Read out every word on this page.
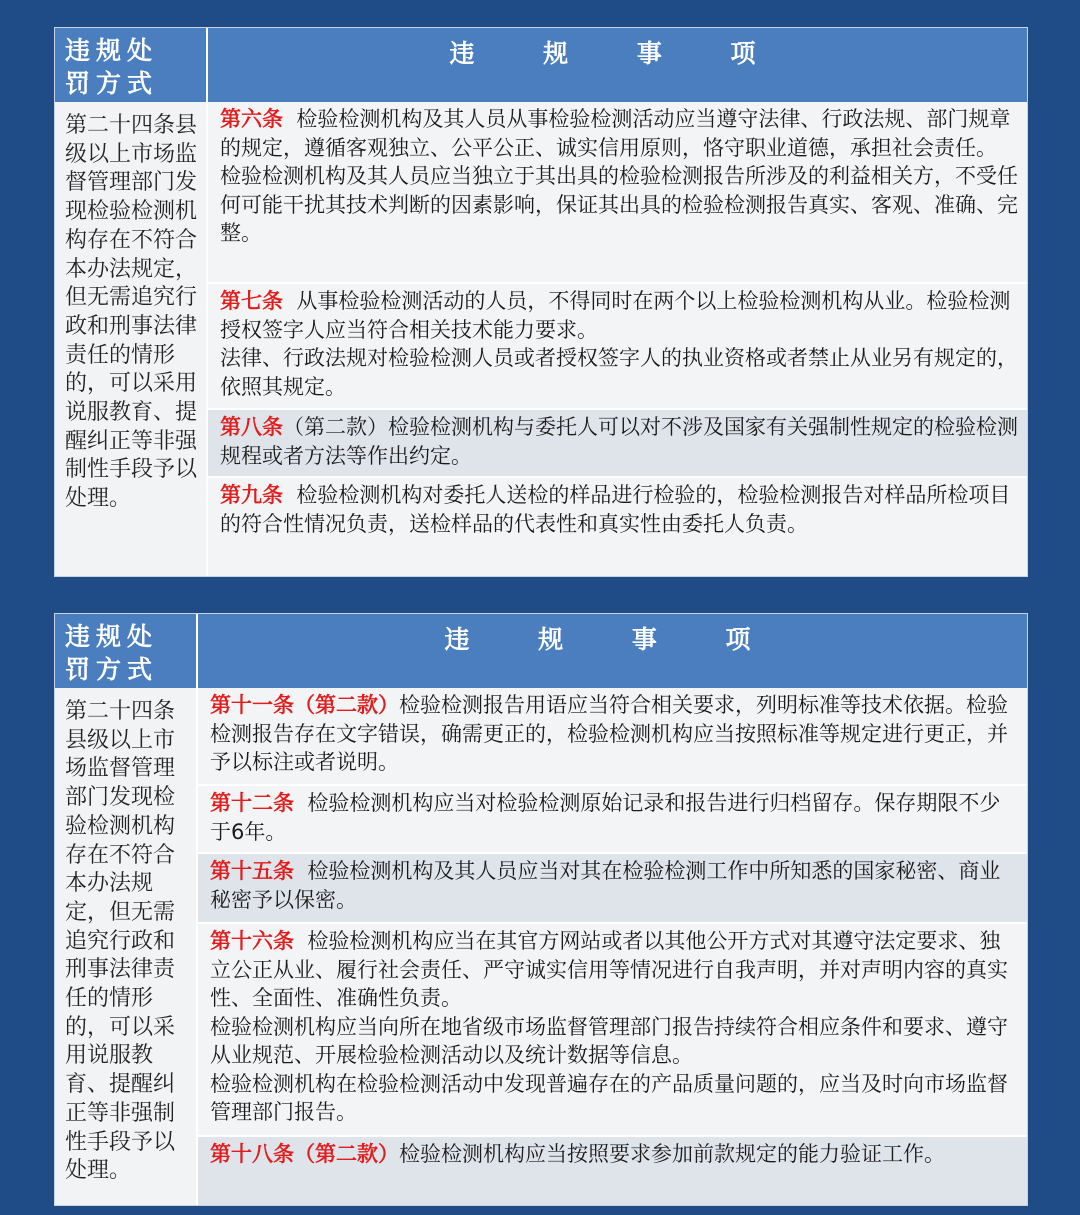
违规处
罚方式
违 规 事 项
第二十四条县级以上市场监督管理部门发现检验检测机构存在不符合本办法规定，但无需追究行政和刑事法律责任的情形的，可以采用说服教育、提醒纠正等非强制性手段予以处理。
第六条 检验检测机构及其人员从事检验检测活动应当遵守法律、行政法规、部门规章的规定，遵循客观独立、公平公正、诚实信用原则，恪守职业道德，承担社会责任。
检验检测机构及其人员应当独立于其出具的检验检测报告所涉及的利益相关方，不受任何可能干扰其技术判断的因素影响，保证其出具的检验检测报告真实、客观、准确、完整。
第七条 从事检验检测活动的人员，不得同时在两个以上检验检测机构从业。检验检测授权签字人应当符合相关技术能力要求。
法律、行政法规对检验检测人员或者授权签字人的执业资格或者禁止从业另有规定的，依照其规定。
第八条（第二款）检验检测机构与委托人可以对不涉及国家有关强制性规定的检验检测规程或者方法等作出约定。
第九条 检验检测机构对委托人送检的样品进行检验的，检验检测报告对样品所检项目的符合性情况负责，送检样品的代表性和真实性由委托人负责。
违规处
罚方式
违 规 事 项
第二十四条县级以上市场监督管理部门发现检验检测机构存在不符合本办法规定，但无需追究行政和刑事法律责任的情形的，可以采用说服教育、提醒纠正等非强制性手段予以处理。
第十一条（第二款）检验检测报告用语应当符合相关要求，列明标准等技术依据。检验检测报告存在文字错误，确需更正的，检验检测机构应当按照标准等规定进行更正，并予以标注或者说明。
第十二条 检验检测机构应当对检验检测原始记录和报告进行归档留存。保存期限不少于6年。
第十五条 检验检测机构及其人员应当对其在检验检测工作中所知悉的国家秘密、商业秘密予以保密。
第十六条 检验检测机构应当在其官方网站或者以其他公开方式对其遵守法定要求、独立公正从业、履行社会责任、严守诚实信用等情况进行自我声明，并对声明内容的真实性、全面性、准确性负责。
检验检测机构应当向所在地省级市场监督管理部门报告持续符合相应条件和要求、遵守从业规范、开展检验检测活动以及统计数据等信息。
检验检测机构在检验检测活动中发现普遍存在的产品质量问题的，应当及时向市场监督管理部门报告。
第十八条（第二款）检验检测机构应当按照要求参加前款规定的能力验证工作。
